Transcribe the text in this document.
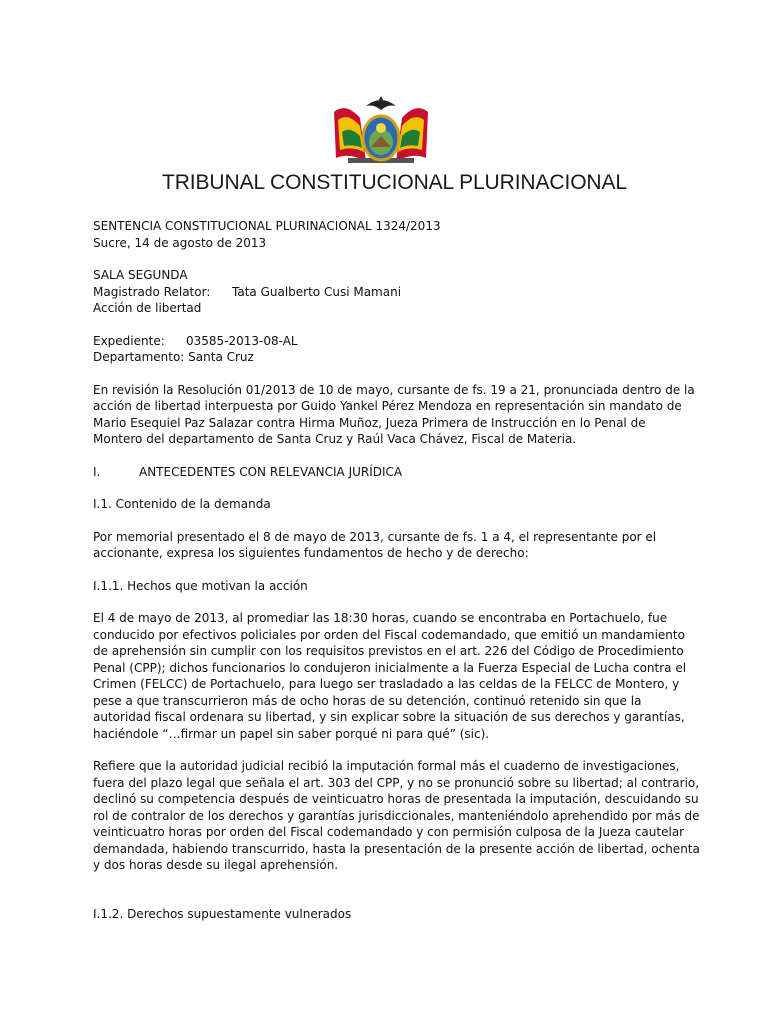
TRIBUNAL CONSTITUCIONAL PLURINACIONAL
SENTENCIA CONSTITUCIONAL PLURINACIONAL 1324/2013
Sucre, 14 de agosto de 2013
SALA SEGUNDA
Magistrado Relator: Tata Gualberto Cusi Mamani
Acción de libertad
Expediente: 03585-2013-08-AL
Departamento: Santa Cruz
En revisión la Resolución 01/2013 de 10 de mayo, cursante de fs. 19 a 21, pronunciada dentro de la
acción de libertad interpuesta por Guido Yankel Pérez Mendoza en representación sin mandato de
Mario Esequiel Paz Salazar contra Hirma Muñoz, Jueza Primera de Instrucción en lo Penal de
Montero del departamento de Santa Cruz y Raúl Vaca Chávez, Fiscal de Materia.
I.	ANTECEDENTES CON RELEVANCIA JURÍDICA
I.1. Contenido de la demanda
Por memorial presentado el 8 de mayo de 2013, cursante de fs. 1 a 4, el representante por el
accionante, expresa los siguientes fundamentos de hecho y de derecho:
I.1.1. Hechos que motivan la acción
El 4 de mayo de 2013, al promediar las 18:30 horas, cuando se encontraba en Portachuelo, fue
conducido por efectivos policiales por orden del Fiscal codemandado, que emitió un mandamiento
de aprehensión sin cumplir con los requisitos previstos en el art. 226 del Código de Procedimiento
Penal (CPP); dichos funcionarios lo condujeron inicialmente a la Fuerza Especial de Lucha contra el
Crimen (FELCC) de Portachuelo, para luego ser trasladado a las celdas de la FELCC de Montero, y
pese a que transcurrieron más de ocho horas de su detención, continuó retenido sin que la
autoridad fiscal ordenara su libertad, y sin explicar sobre la situación de sus derechos y garantías,
haciéndole “…firmar un papel sin saber porqué ni para qué” (sic).
Refiere que la autoridad judicial recibió la imputación formal más el cuaderno de investigaciones,
fuera del plazo legal que señala el art. 303 del CPP, y no se pronunció sobre su libertad; al contrario,
declinó su competencia después de veinticuatro horas de presentada la imputación, descuidando su
rol de contralor de los derechos y garantías jurisdiccionales, manteniéndolo aprehendido por más de
veinticuatro horas por orden del Fiscal codemandado y con permisión culposa de la Jueza cautelar
demandada, habiendo transcurrido, hasta la presentación de la presente acción de libertad, ochenta
y dos horas desde su ilegal aprehensión.
I.1.2. Derechos supuestamente vulnerados
